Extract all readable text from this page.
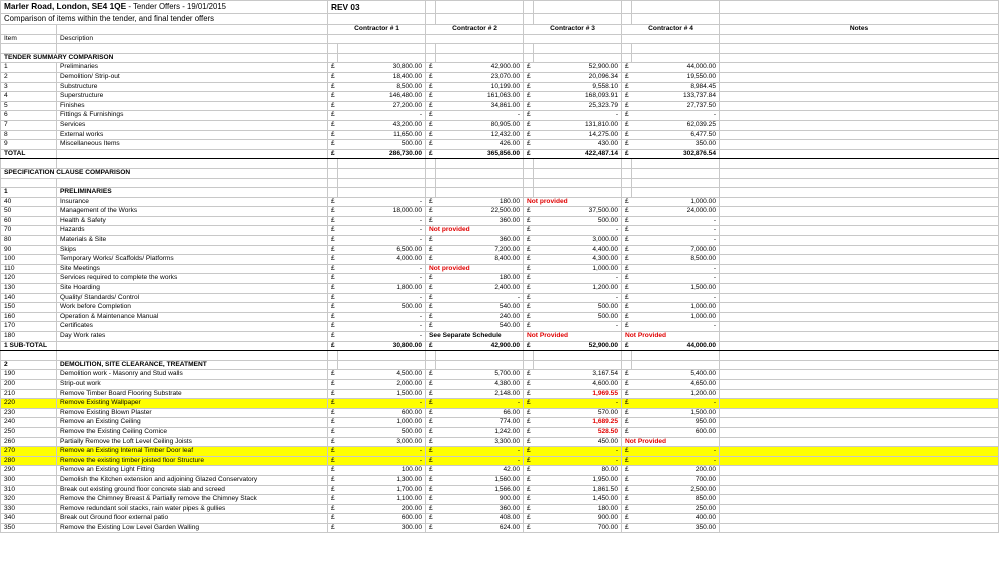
Marler Road, London, SE4 1QE - Tender Offers - 19/01/2015		REV 03								
Comparison of items within the tender, and final tender offers										
		Contractor # 1		Contractor # 2		Contractor # 3		Contractor # 4		Notes
Item	Description									

TENDER SUMMARY COMPARISON										
1	Preliminaries	£	30,800.00	£	42,900.00	£	52,900.00	£	44,000.00	
2	Demolition/ Strip-out	£	18,400.00	£	23,070.00	£	20,096.34	£	19,550.00	
3	Substructure	£	8,500.00	£	10,199.00	£	9,558.10	£	8,984.45	
4	Superstructure	£	146,480.00	£	161,063.00	£	168,093.91	£	133,737.84	
5	Finishes	£	27,200.00	£	34,861.00	£	25,323.79	£	27,737.50	
6	Fittings & Furnishings	£	-	£	-	£	-	£	-	
7	Services	£	43,200.00	£	80,905.00	£	131,810.00	£	62,039.25	
8	External works	£	11,650.00	£	12,432.00	£	14,275.00	£	6,477.50	
9	Miscellaneous Items	£	500.00	£	426.00	£	430.00	£	350.00	
TOTAL		£	286,730.00	£	365,856.00	£	422,487.14	£	302,876.54	

SPECIFICATION CLAUSE COMPARISON										

1	PRELIMINARIES									
40	Insurance	£	-	£	180.00	Not provided		£	1,000.00	
50	Management of the Works	£	18,000.00	£	22,500.00	£	37,500.00	£	24,000.00	
60	Health & Safety	£	-	£	360.00	£	500.00	£	-	
70	Hazards	£	-	Not provided		£	-	£	-	
80	Materials & Site	£	-	£	360.00	£	3,000.00	£	-	
90	Skips	£	6,500.00	£	7,200.00	£	4,400.00	£	7,000.00	
100	Temporary Works/ Scaffolds/ Platforms	£	4,000.00	£	8,400.00	£	4,300.00	£	8,500.00	
110	Site Meetings	£	-	Not provided		£	1,000.00	£	-	
120	Services required to complete the works	£	-	£	180.00	£	-	£	-	
130	Site Hoarding	£	1,800.00	£	2,400.00	£	1,200.00	£	1,500.00	
140	Quality/ Standards/ Control	£	-	£	-	£	-	£	-	
150	Work before Completion	£	500.00	£	540.00	£	500.00	£	1,000.00	
160	Operation & Maintenance Manual	£	-	£	240.00	£	500.00	£	1,000.00	
170	Certificates	£	-	£	540.00	£	-	£	-	
180	Day Work rates	£	-	See Separate Schedule		Not Provided		Not Provided		
1 SUB-TOTAL		£	30,800.00	£	42,900.00	£	52,900.00	£	44,000.00	

2	DEMOLITION, SITE CLEARANCE, TREATMENT									
190	Demolition work - Masonry and Stud walls	£	4,500.00	£	5,700.00	£	3,167.54	£	5,400.00	
200	Strip-out work	£	2,000.00	£	4,380.00	£	4,600.00	£	4,650.00	
210	Remove Timber Board Flooring Substrate	£	1,500.00	£	2,148.00	£	1,969.55	£	1,200.00	
220	Remove Existing Wallpaper	£	-	£	-	£	-	£	-	
230	Remove Existing Blown Plaster	£	600.00	£	66.00	£	570.00	£	1,500.00	
240	Remove an Existing Ceiling	£	1,000.00	£	774.00	£	1,689.25	£	950.00	
250	Remove the Existing Ceiling Cornice	£	500.00	£	1,242.00	£	528.50	£	600.00	
260	Partially Remove the Loft Level Ceiling Joists	£	3,000.00	£	3,300.00	£	450.00	Not Provided		
270	Remove an Existing Internal Timber Door leaf	£	-	£	-	£	-	£	-	
280	Remove the existing timber joisted floor Structure	£	-	£	-	£	-	£	-	
290	Remove an Existing Light Fitting	£	100.00	£	42.00	£	80.00	£	200.00	
300	Demolish the Kitchen extension and adjoining Glazed Conservatory	£	1,300.00	£	1,560.00	£	1,950.00	£	700.00	
310	Break out existing ground floor concrete slab and screed	£	1,700.00	£	1,566.00	£	1,861.50	£	2,500.00	
320	Remove the Chimney Breast & Partially remove the Chimney Stack	£	1,100.00	£	900.00	£	1,450.00	£	850.00	
330	Remove redundant soil stacks, rain water pipes & gullies	£	200.00	£	360.00	£	180.00	£	250.00	
340	Break out Ground floor external patio	£	600.00	£	408.00	£	900.00	£	400.00	
350	Remove the Existing Low Level Garden Walling	£	300.00	£	624.00	£	700.00	£	350.00	
